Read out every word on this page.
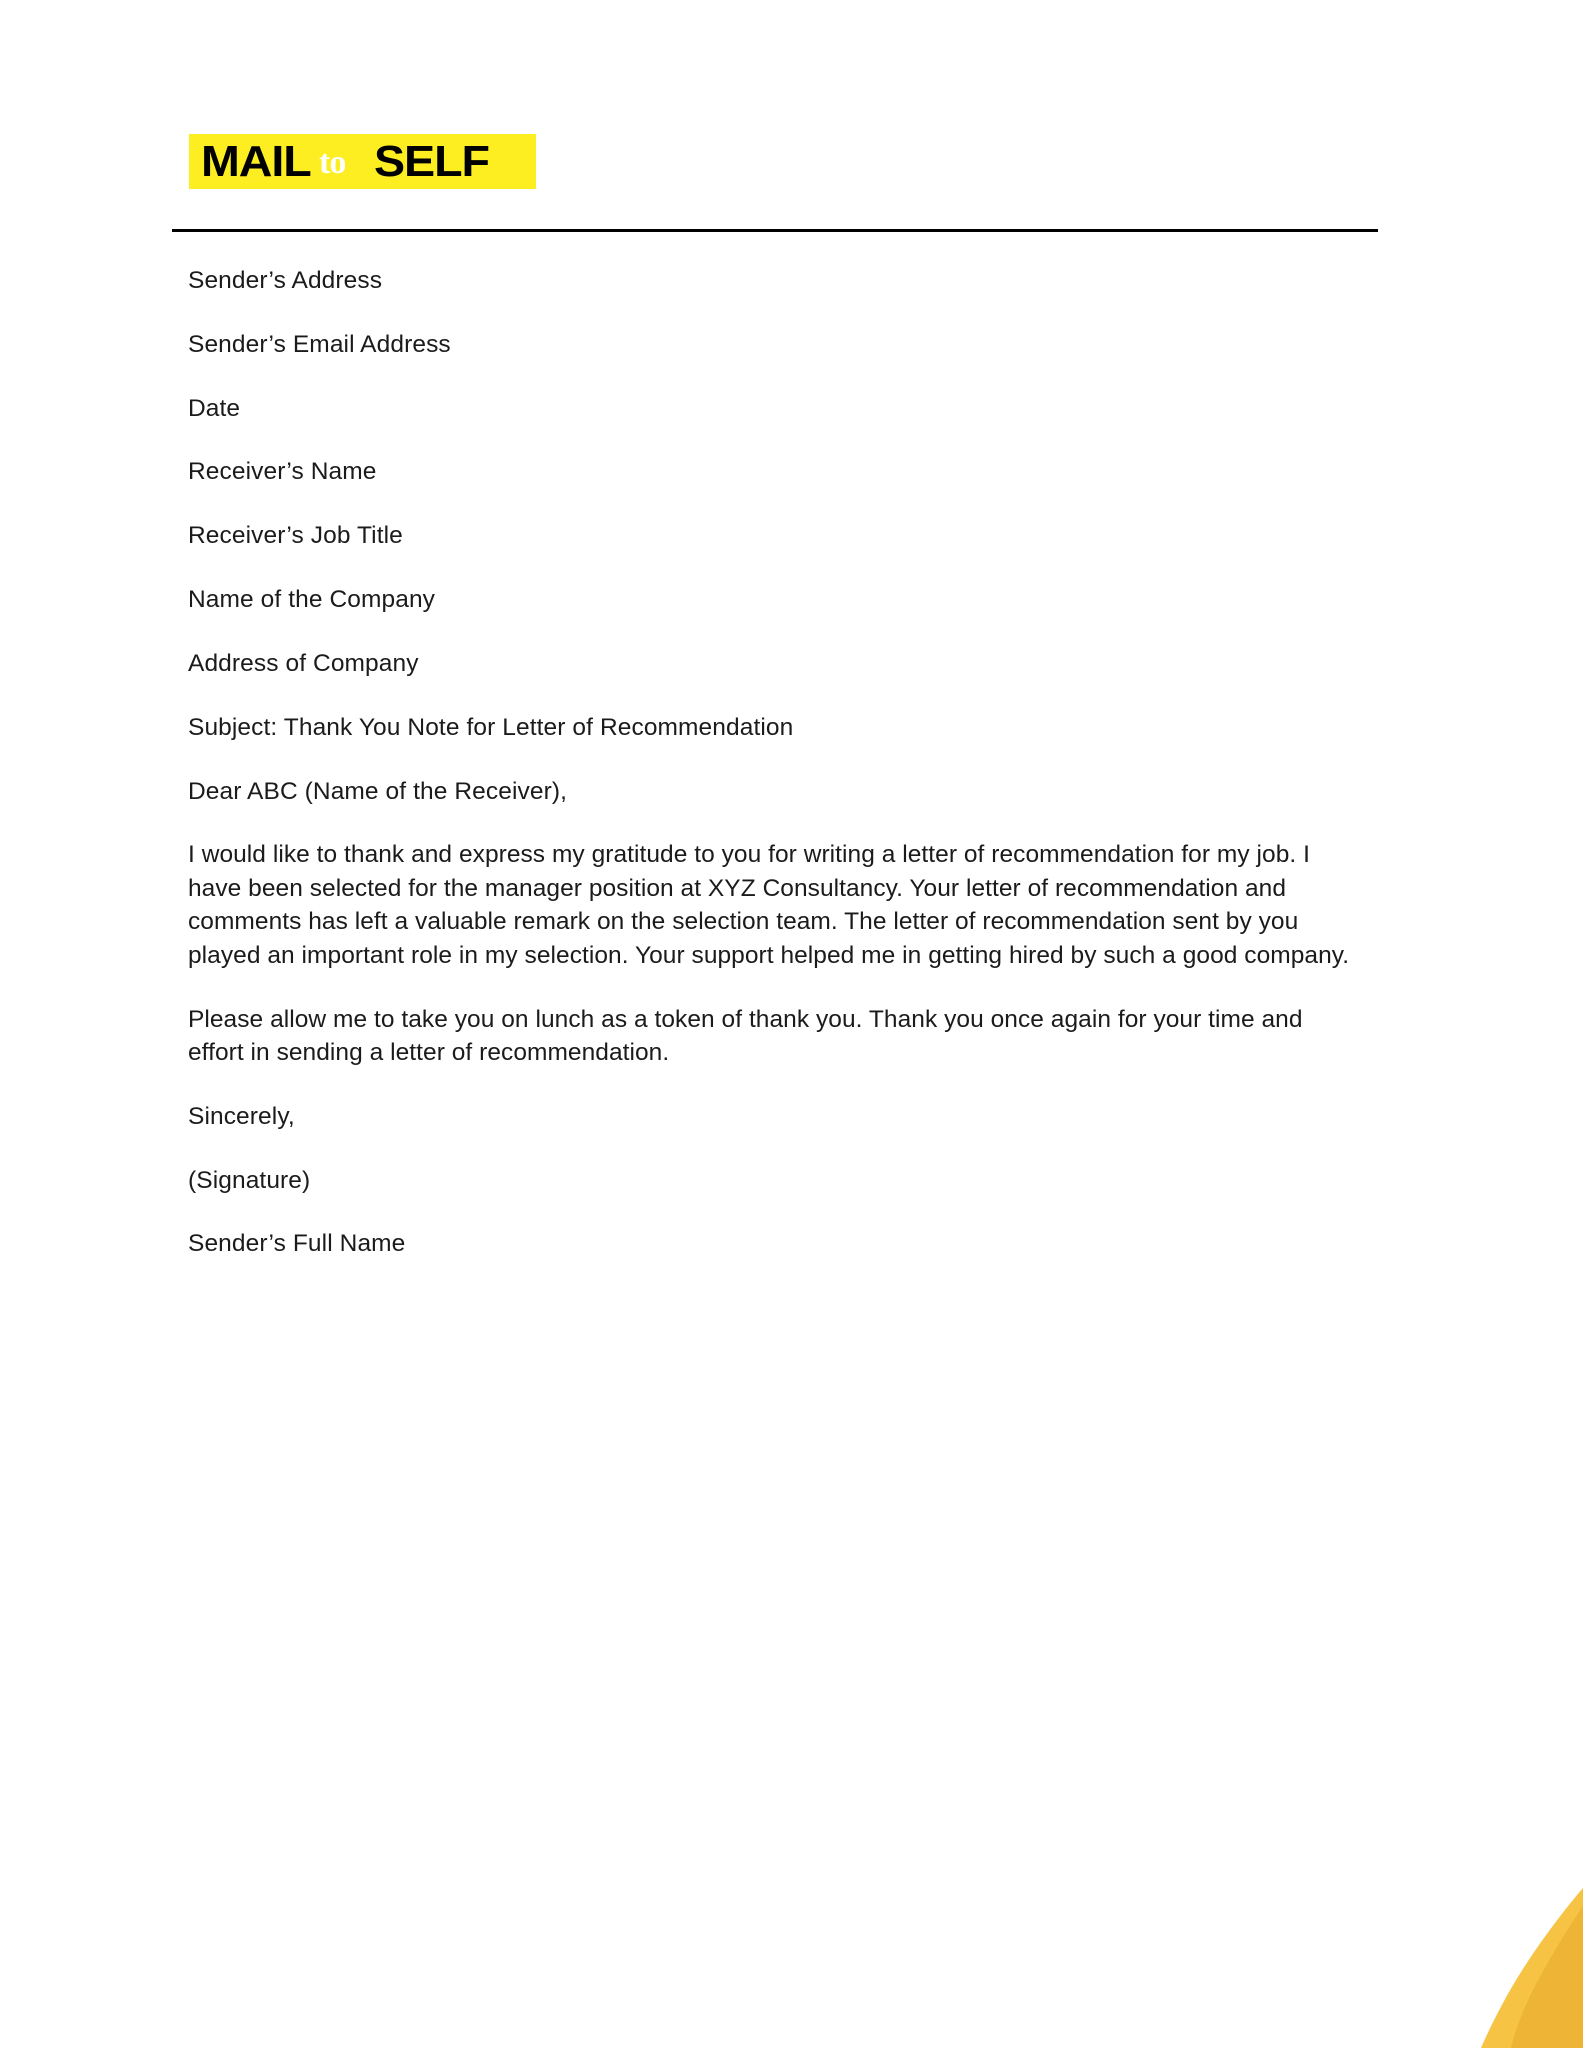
MAIL to SELF

Sender’s Address

Sender’s Email Address

Date

Receiver’s Name

Receiver’s Job Title

Name of the Company

Address of Company

Subject: Thank You Note for Letter of Recommendation

Dear ABC (Name of the Receiver),

I would like to thank and express my gratitude to you for writing a letter of recommendation for my job. I have been selected for the manager position at XYZ Consultancy. Your letter of recommendation and comments has left a valuable remark on the selection team. The letter of recommendation sent by you played an important role in my selection. Your support helped me in getting hired by such a good company.

Please allow me to take you on lunch as a token of thank you. Thank you once again for your time and effort in sending a letter of recommendation.

Sincerely,

(Signature)

Sender’s Full Name
